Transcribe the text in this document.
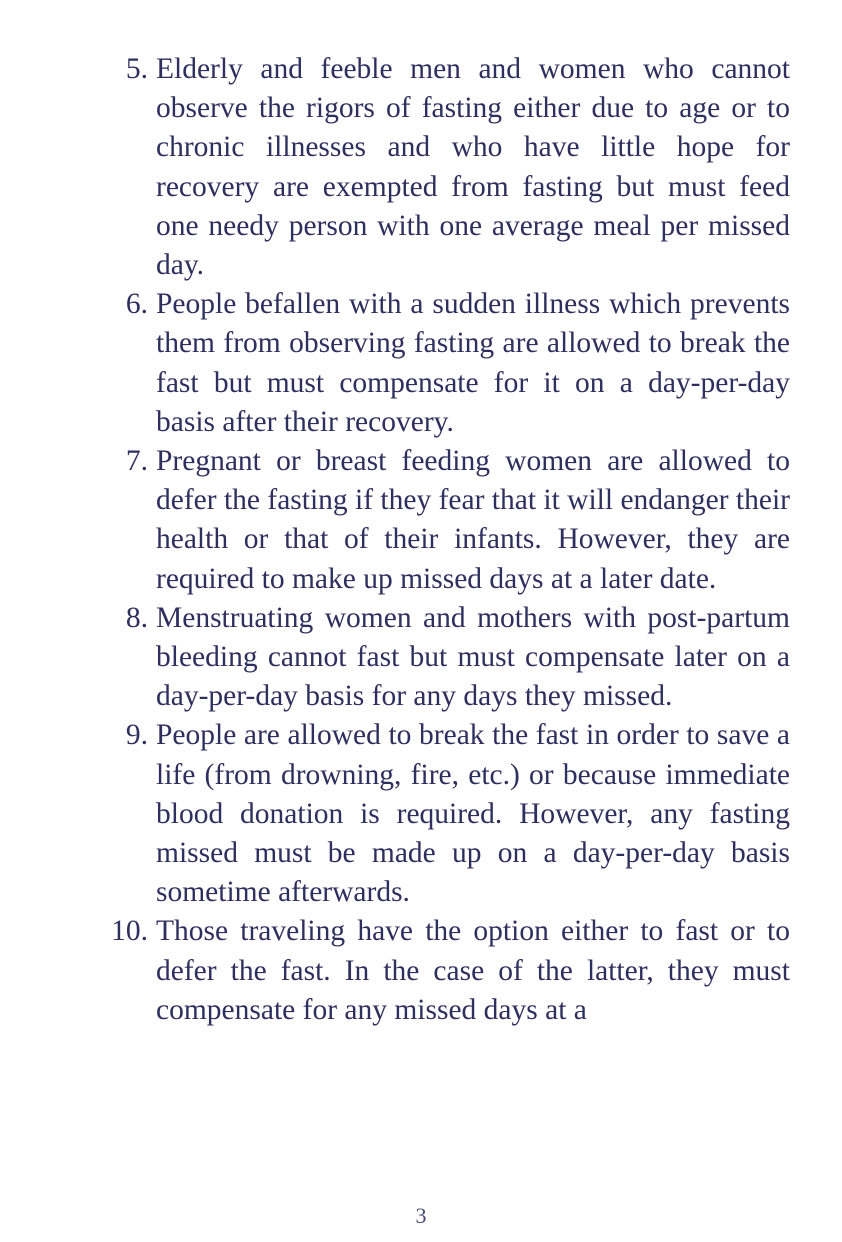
5. Elderly and feeble men and women who cannot observe the rigors of fasting either due to age or to chronic illnesses and who have little hope for recovery are exempted from fasting but must feed one needy person with one average meal per missed day.
6. People befallen with a sudden illness which prevents them from observing fasting are allowed to break the fast but must compensate for it on a day-per-day basis after their recovery.
7. Pregnant or breast feeding women are allowed to defer the fasting if they fear that it will endanger their health or that of their infants. However, they are required to make up missed days at a later date.
8. Menstruating women and mothers with post-partum bleeding cannot fast but must compensate later on a day-per-day basis for any days they missed.
9. People are allowed to break the fast in order to save a life (from drowning, fire, etc.) or because immediate blood donation is required. However, any fasting missed must be made up on a day-per-day basis sometime afterwards.
10. Those traveling have the option either to fast or to defer the fast. In the case of the latter, they must compensate for any missed days at a
3
